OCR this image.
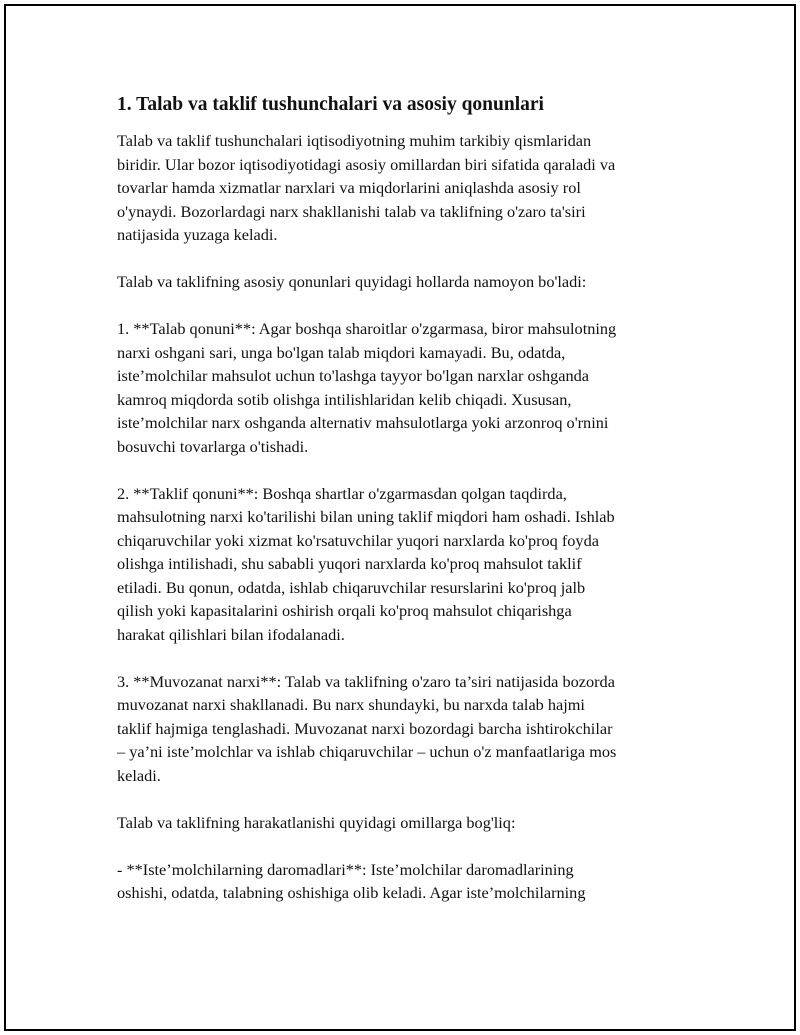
1. Talab va taklif tushunchalari va asosiy qonunlari
Talab va taklif tushunchalari iqtisodiyotning muhim tarkibiy qismlaridan
biridir. Ular bozor iqtisodiyotidagi asosiy omillardan biri sifatida qaraladi va
tovarlar hamda xizmatlar narxlari va miqdorlarini aniqlashda asosiy rol
o'ynaydi. Bozorlardagi narx shakllanishi talab va taklifning o'zaro ta'siri
natijasida yuzaga keladi.
Talab va taklifning asosiy qonunlari quyidagi hollarda namoyon bo'ladi:
1. **Talab qonuni**: Agar boshqa sharoitlar o'zgarmasa, biror mahsulotning
narxi oshgani sari, unga bo'lgan talab miqdori kamayadi. Bu, odatda,
iste’molchilar mahsulot uchun to'lashga tayyor bo'lgan narxlar oshganda
kamroq miqdorda sotib olishga intilishlaridan kelib chiqadi. Xususan,
iste’molchilar narx oshganda alternativ mahsulotlarga yoki arzonroq o'rnini
bosuvchi tovarlarga o'tishadi.
2. **Taklif qonuni**: Boshqa shartlar o'zgarmasdan qolgan taqdirda,
mahsulotning narxi ko'tarilishi bilan uning taklif miqdori ham oshadi. Ishlab
chiqaruvchilar yoki xizmat ko'rsatuvchilar yuqori narxlarda ko'proq foyda
olishga intilishadi, shu sababli yuqori narxlarda ko'proq mahsulot taklif
etiladi. Bu qonun, odatda, ishlab chiqaruvchilar resurslarini ko'proq jalb
qilish yoki kapasitalarini oshirish orqali ko'proq mahsulot chiqarishga
harakat qilishlari bilan ifodalanadi.
3. **Muvozanat narxi**: Talab va taklifning o'zaro ta’siri natijasida bozorda
muvozanat narxi shakllanadi. Bu narx shundayki, bu narxda talab hajmi
taklif hajmiga tenglashadi. Muvozanat narxi bozordagi barcha ishtirokchilar
– ya’ni iste’molchlar va ishlab chiqaruvchilar – uchun o'z manfaatlariga mos
keladi.
Talab va taklifning harakatlanishi quyidagi omillarga bog'liq:
- **Iste’molchilarning daromadlari**: Iste’molchilar daromadlarining
oshishi, odatda, talabning oshishiga olib keladi. Agar iste’molchilarning
